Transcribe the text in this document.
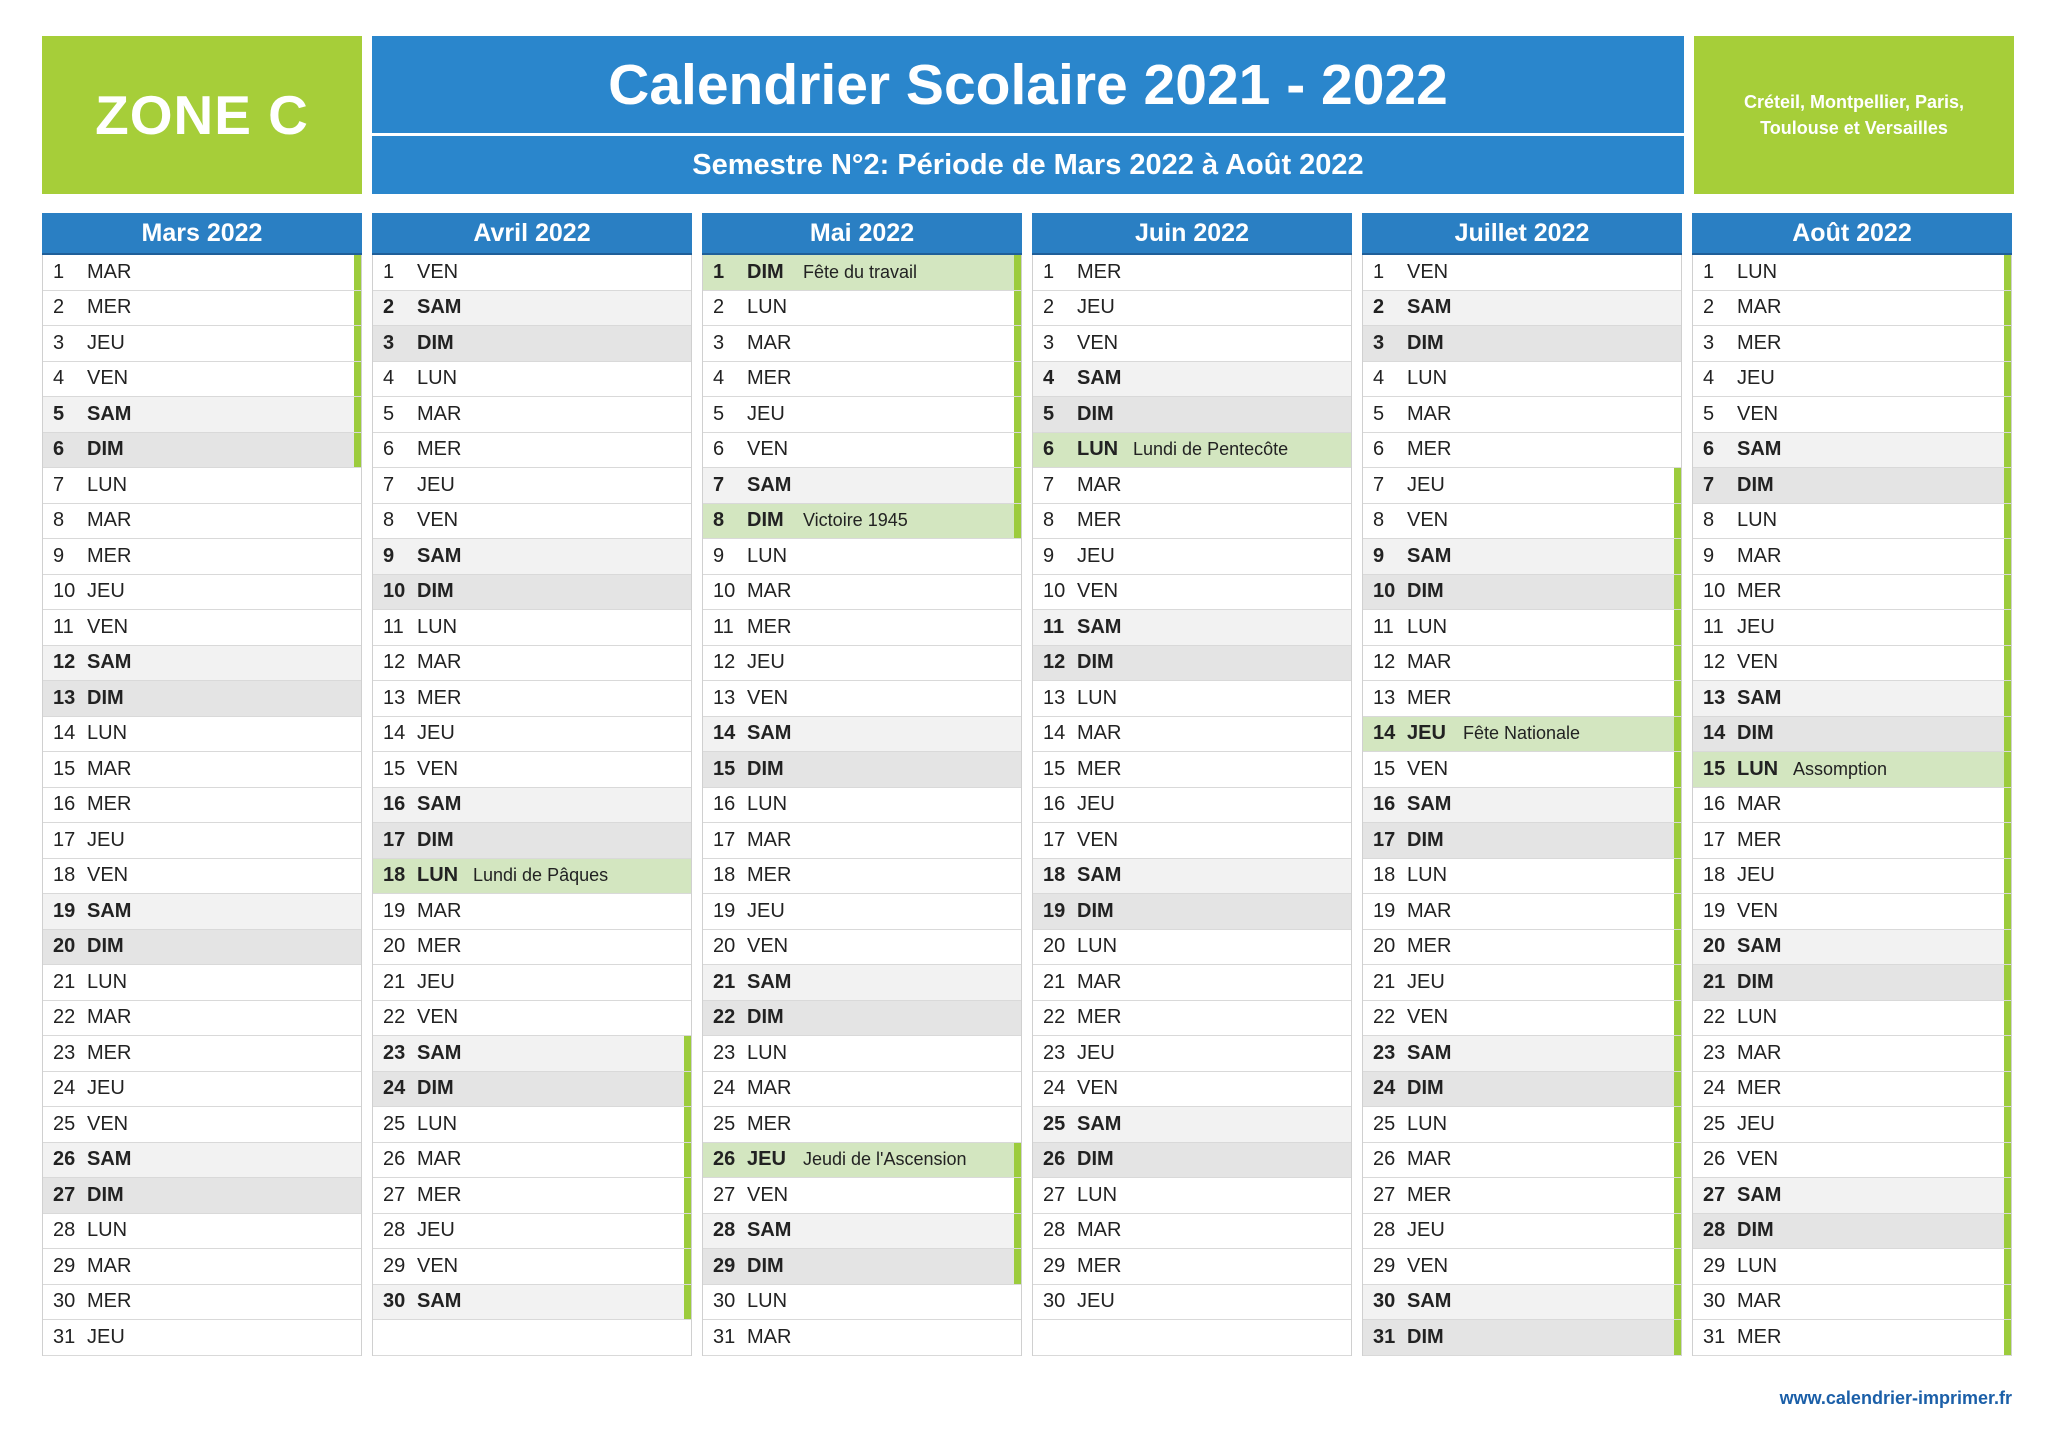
ZONE C	Calendrier Scolaire 2021 - 2022
Semestre N°2: Période de Mars 2022 à Août 2022
Créteil, Montpellier, Paris,
Toulouse et Versailles
Mars 2022
1	MAR
2	MER
3	JEU
4	VEN
5	SAM
6	DIM
7	LUN
8	MAR
9	MER
10 JEU
11 VEN
12 SAM
13 DIM
14 LUN
15 MAR
16 MER
17 JEU
18 VEN
19 SAM
20 DIM
21 LUN
22 MAR
23 MER
24 JEU
25 VEN
26 SAM
27 DIM
28 LUN
29 MAR
30 MER
31 JEU
Avril 2022
1	VEN
2	SAM
3	DIM
4	LUN
5	MAR
6	MER
7	JEU
8	VEN
9	SAM
10 DIM
11 LUN
12 MAR
13 MER
14 JEU
15 VEN
16 SAM
17 DIM
18 LUN Lundi de Pâques
19 MAR
20 MER
21 JEU
22 VEN
23 SAM
24 DIM
25 LUN
26 MAR
27 MER
28 JEU
29 VEN
30 SAM
Mai 2022
1	DIM	Fête du travail
2	LUN
3	MAR
4	MER
5	JEU
6	VEN
7	SAM
8	DIM	Victoire 1945
9	LUN
10 MAR
11 MER
12 JEU
13 VEN
14 SAM
15 DIM
16 LUN
17 MAR
18 MER
19 JEU
20 VEN
21 SAM
22 DIM
23 LUN
24 MAR
25 MER
26 JEU Jeudi de l'Ascension
27 VEN
28 SAM
29 DIM
30 LUN
31 MAR
Juin 2022
1	MER
2	JEU
3	VEN
4	SAM
5	DIM
6	LUN Lundi de Pentecôte
7	MAR
8	MER
9	JEU
10 VEN
11 SAM
12 DIM
13 LUN
14 MAR
15 MER
16 JEU
17 VEN
18 SAM
19 DIM
20 LUN
21 MAR
22 MER
23 JEU
24 VEN
25 SAM
26 DIM
27 LUN
28 MAR
29 MER
30 JEU
Juillet 2022
1	VEN
2	SAM
3	DIM
4	LUN
5	MAR
6	MER
7	JEU
8	VEN
9	SAM
10 DIM
11 LUN
12 MAR
13 MER
14 JEU Fête Nationale
15 VEN
16 SAM
17 DIM
18 LUN
19 MAR
20 MER
21 JEU
22 VEN
23 SAM
24 DIM
25 LUN
26 MAR
27 MER
28 JEU
29 VEN
30 SAM
31 DIM
Août 2022
1	LUN
2	MAR
3	MER
4	JEU
5	VEN
6	SAM
7	DIM
8	LUN
9	MAR
10 MER
11 JEU
12 VEN
13 SAM
14 DIM
15 LUN Assomption
16 MAR
17 MER
18 JEU
19 VEN
20 SAM
21 DIM
22 LUN
23 MAR
24 MER
25 JEU
26 VEN
27 SAM
28 DIM
29 LUN
30 MAR
31 MER
www.calendrier-imprimer.fr
